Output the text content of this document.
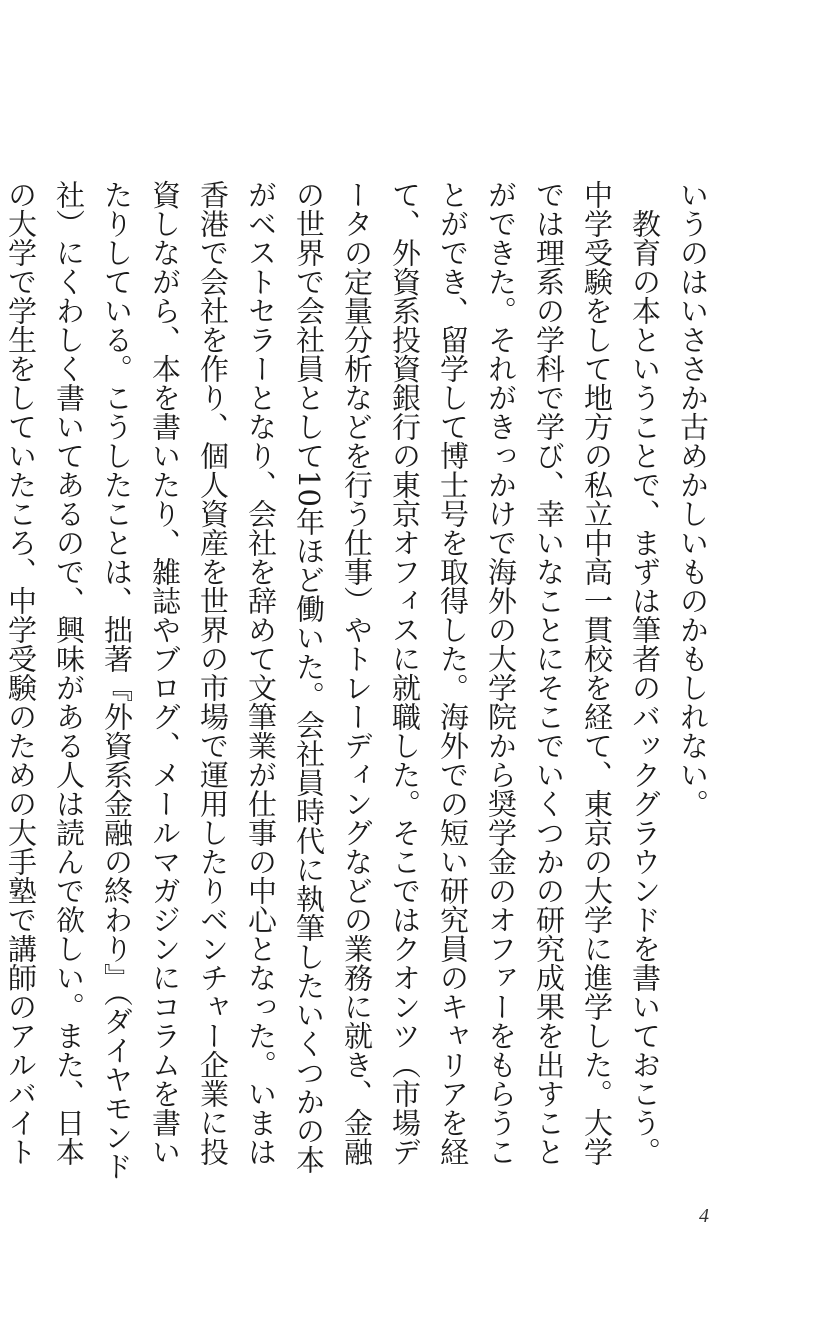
いうのはいささか古めかしいものかもしれない。

教育の本ということで、まずは筆者のバックグラウンドを書いておこう。中学受験をして地方の私立中高一貫校を経て、東京の大学に進学した。大学では理系の学科で学び、幸いなことにそこでいくつかの研究成果を出すことができた。それがきっかけで海外の大学院から奨学金のオファーをもらうことができ、留学して博士号を取得した。海外での短い研究員のキャリアを経て、外資系投資銀行の東京オフィスに就職した。そこではクオンツ（市場データの定量分析などを行う仕事）やトレーディングなどの業務に就き、金融の世界で会社員として10年ほど働いた。会社員時代に執筆したいくつかの本がベストセラーとなり、会社を辞めて文筆業が仕事の中心となった。いまは香港で会社を作り、個人資産を世界の市場で運用したりベンチャー企業に投資しながら、本を書いたり、雑誌やブログ、メールマガジンにコラムを書いたりしている。こうしたことは、拙著『外資系金融の終わり』（ダイヤモンド社）にくわしく書いてあるので、興味がある人は読んで欲しい。また、日本の大学で学生をしていたころ、中学受験のための大手塾で講師のアルバイト

4
